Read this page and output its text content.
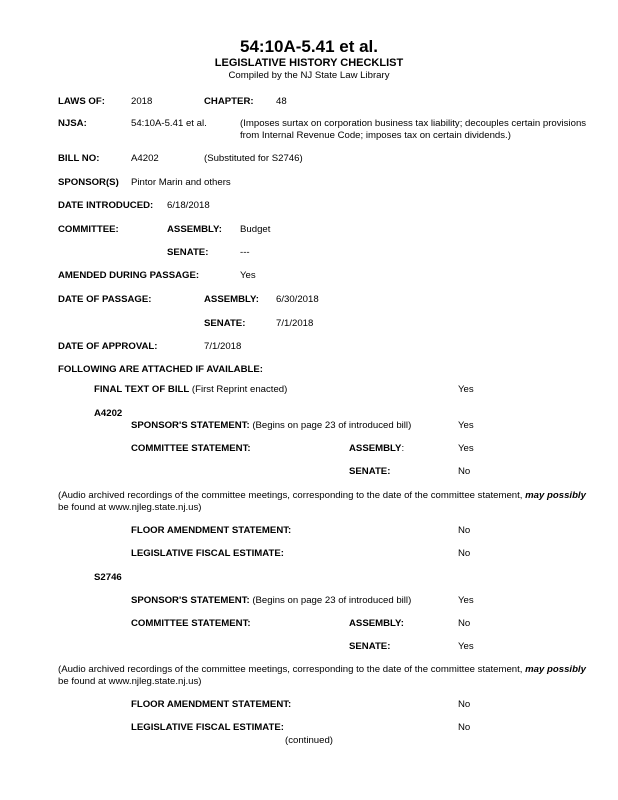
54:10A-5.41 et al.
LEGISLATIVE HISTORY CHECKLIST
Compiled by the NJ State Law Library
LAWS OF:	2018	CHAPTER: 48
NJSA:	54:10A-5.41 et al.	(Imposes surtax on corporation business tax liability; decouples certain provisions
from Internal Revenue Code; imposes tax on certain dividends.)
BILL NO:	A4202	(Substituted for S2746)
SPONSOR(S) Pintor Marin and others
DATE INTRODUCED: 6/18/2018
COMMITTEE:	ASSEMBLY: Budget
SENATE:	---
AMENDED DURING PASSAGE:	Yes
DATE OF PASSAGE:	ASSEMBLY: 6/30/2018
SENATE:	7/1/2018
DATE OF APPROVAL:	7/1/2018
FOLLOWING ARE ATTACHED IF AVAILABLE:
FINAL TEXT OF BILL (First Reprint enacted)	Yes
A4202
SPONSOR'S STATEMENT: (Begins on page 23 of introduced bill)	Yes
COMMITTEE STATEMENT:	ASSEMBLY:	Yes
SENATE:	No
(Audio archived recordings of the committee meetings, corresponding to the date of the committee statement, may possibly
be found at www.njleg.state.nj.us)
FLOOR AMENDMENT STATEMENT:	No
LEGISLATIVE FISCAL ESTIMATE:	No
S2746
SPONSOR'S STATEMENT: (Begins on page 23 of introduced bill)	Yes
COMMITTEE STATEMENT:	ASSEMBLY:	No
SENATE:	Yes
(Audio archived recordings of the committee meetings, corresponding to the date of the committee statement, may possibly
be found at www.njleg.state.nj.us)
FLOOR AMENDMENT STATEMENT:	No
LEGISLATIVE FISCAL ESTIMATE:	No
(continued)
